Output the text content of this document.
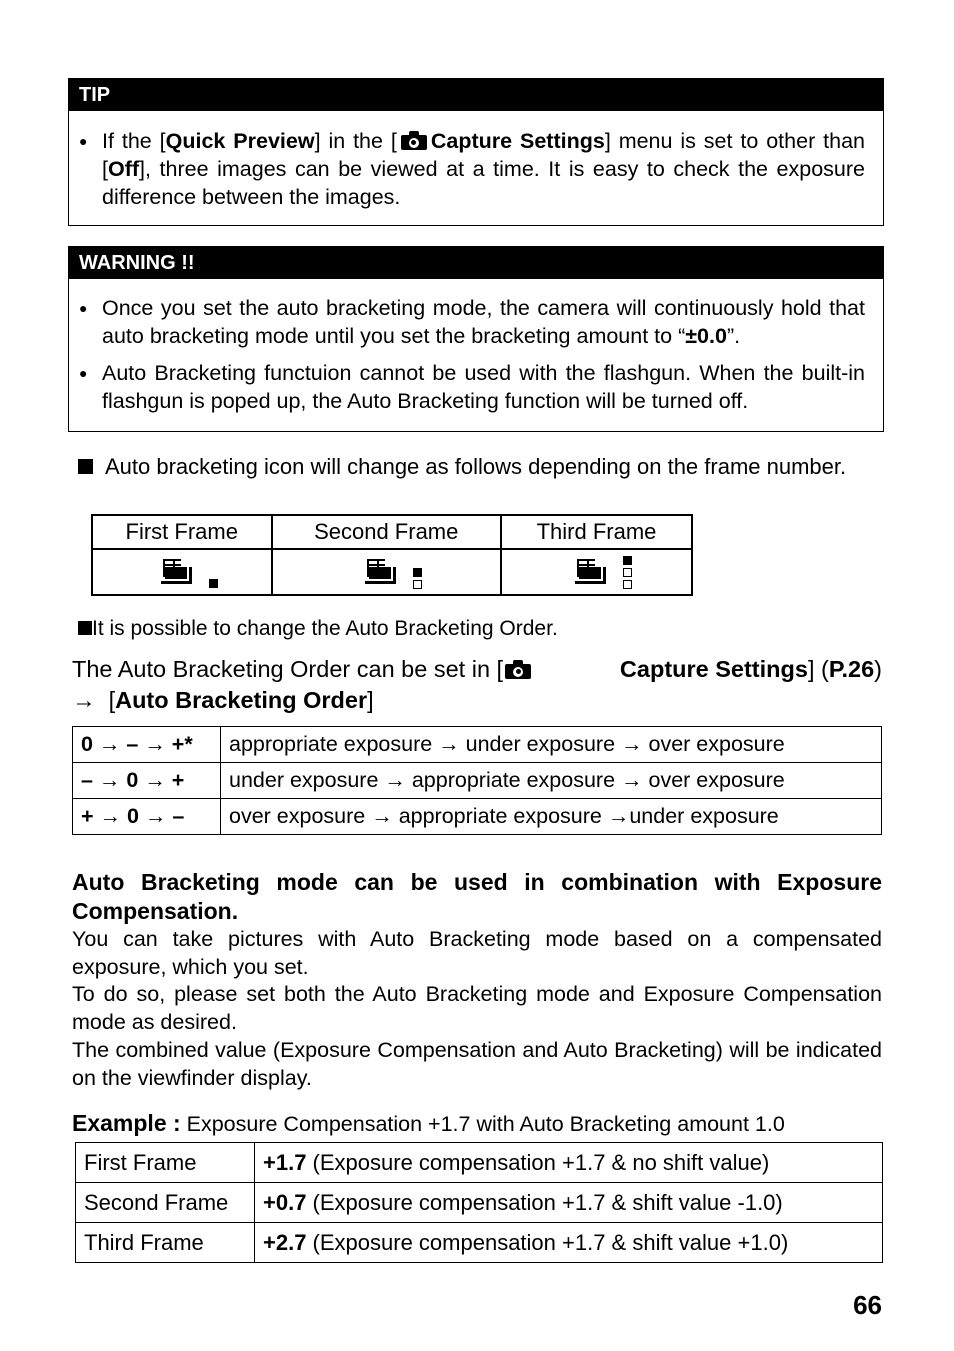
TIP
● If the [Quick Preview] in the [ Capture Settings] menu is set to other than [Off], three images can be viewed at a time. It is easy to check the exposure difference between the images.
WARNING !!
● Once you set the auto bracketing mode, the camera will continuously hold that auto bracketing mode until you set the bracketing amount to “±0.0”.
● Auto Bracketing functuion cannot be used with the flashgun. When the built-in flashgun is poped up, the Auto Bracketing function will be turned off.
Auto bracketing icon will change as follows depending on the frame number.
First Frame	Second Frame	Third Frame

It is possible to change the Auto Bracketing Order.
The Auto Bracketing Order can be set in [	Capture Settings] (P.26)
→ [Auto Bracketing Order]
0 → – → +*	appropriate exposure → under exposure → over exposure
– → 0 → +	under exposure → appropriate exposure → over exposure
+ → 0 → –	over exposure → appropriate exposure →under exposure
Auto Bracketing mode can be used in combination with Exposure Compensation.
You can take pictures with Auto Bracketing mode based on a compensated exposure, which you set.
To do so, please set both the Auto Bracketing mode and Exposure Compensation mode as desired.
The combined value (Exposure Compensation and Auto Bracketing) will be indicated on the viewfinder display.
Example : Exposure Compensation +1.7 with Auto Bracketing amount 1.0
First Frame	+1.7 (Exposure compensation +1.7 & no shift value)
Second Frame	+0.7 (Exposure compensation +1.7 & shift value -1.0)
Third Frame	+2.7 (Exposure compensation +1.7 & shift value +1.0)
66
